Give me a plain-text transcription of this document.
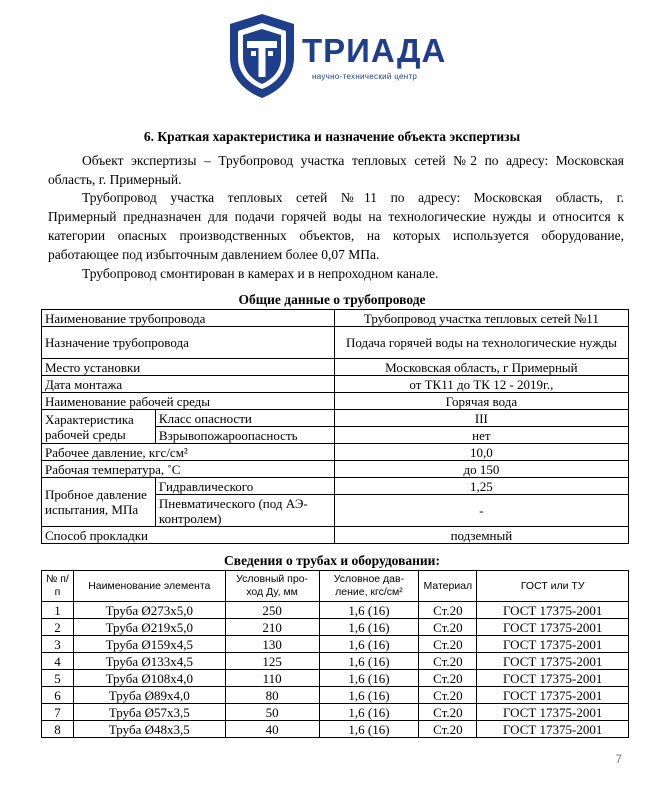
ТРИАДА
научно-технический центр
6. Краткая характеристика и назначение объекта экспертизы
Объект экспертизы – Трубопровод участка тепловых сетей №2 по адресу: Московская
область, г. Примерный.
Трубопровод участка тепловых сетей №11 по адресу: Московская область, г.
Примерный предназначен для подачи горячей воды на технологические нужды и относится к
категории опасных производственных объектов, на которых используется оборудование,
работающее под избыточным давлением более 0,07 МПа.
Трубопровод смонтирован в камерах и в непроходном канале.
Общие данные о трубопроводе
Наименование трубопровода		Трубопровод участка тепловых сетей №11
Назначение трубопровода		Подача горячей воды на технологические нужды
Место установки		Московская область, г Примерный
Дата монтажа		от ТК11 до ТК 12 - 2019г.,
Наименование рабочей среды		Горячая вода
Характеристика рабочей среды	Класс опасности	III
	Взрывопожароопасность	нет
Рабочее давление, кгс/см²		10,0
Рабочая температура, ˚С		до 150
Пробное давление испытания, МПа	Гидравлического	1,25
	Пневматического (под АЭ-контролем)	-
Способ прокладки		подземный
Сведения о трубах и оборудовании:
№ п/п	Наименование элемента	Условный про-ход Ду, мм	Условное дав-ление, кгс/см²	Материал	ГОСТ или ТУ
1	Труба Ø273х5,0	250	1,6 (16)	Ст.20	ГОСТ 17375-2001
2	Труба Ø219х5,0	210	1,6 (16)	Ст.20	ГОСТ 17375-2001
3	Труба Ø159х4,5	130	1,6 (16)	Ст.20	ГОСТ 17375-2001
4	Труба Ø133х4,5	125	1,6 (16)	Ст.20	ГОСТ 17375-2001
5	Труба Ø108х4,0	110	1,6 (16)	Ст.20	ГОСТ 17375-2001
6	Труба Ø89х4,0	80	1,6 (16)	Ст.20	ГОСТ 17375-2001
7	Труба Ø57х3,5	50	1,6 (16)	Ст.20	ГОСТ 17375-2001
8	Труба Ø48х3,5	40	1,6 (16)	Ст.20	ГОСТ 17375-2001
7
